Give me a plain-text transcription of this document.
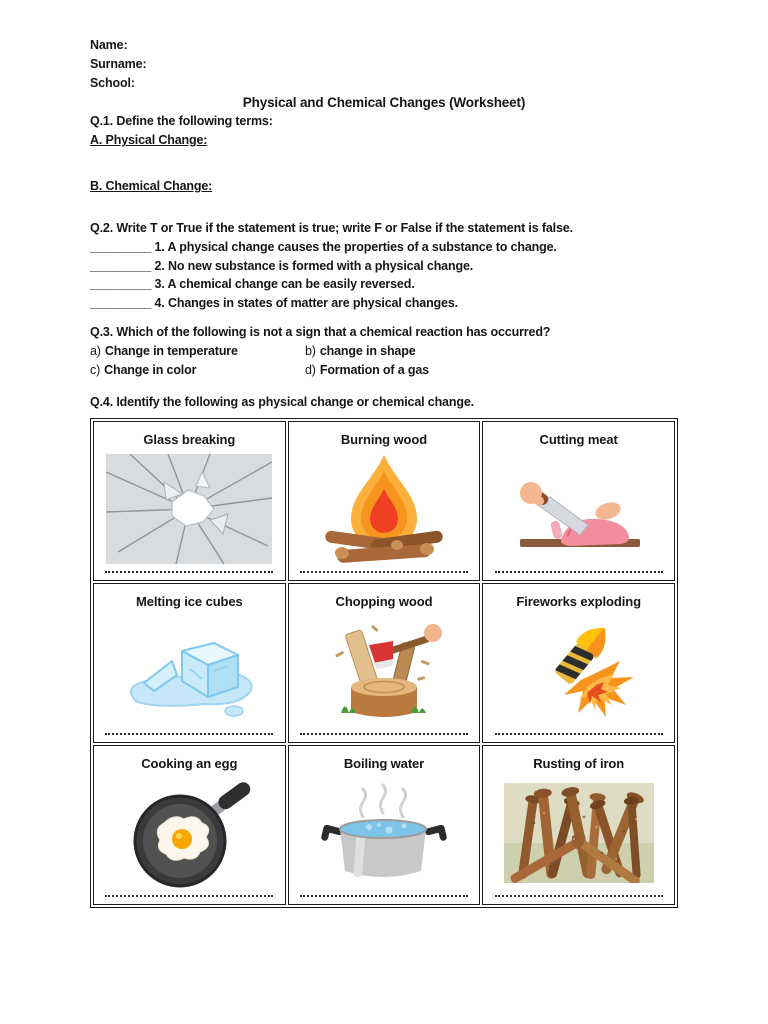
Name:
Surname:
School:
Physical and Chemical Changes (Worksheet)
Q.1. Define the following terms:
A. Physical Change:
B. Chemical Change:
Q.2. Write T or True if the statement is true; write F or False if the statement is false.
_________ 1. A physical change causes the properties of a substance to change.
_________ 2. No new substance is formed with a physical change.
_________ 3. A chemical change can be easily reversed.
_________ 4. Changes in states of matter are physical changes.
Q.3. Which of the following is not a sign that a chemical reaction has occurred?
a) Change in temperature	b) change in shape
c) Change in color	d) Formation of a gas
Q.4. Identify the following as physical change or chemical change.
Glass breaking	Burning wood	Cutting meat

Melting ice cubes	Chopping wood	Fireworks exploding

Cooking an egg	Boiling water	Rusting of iron
